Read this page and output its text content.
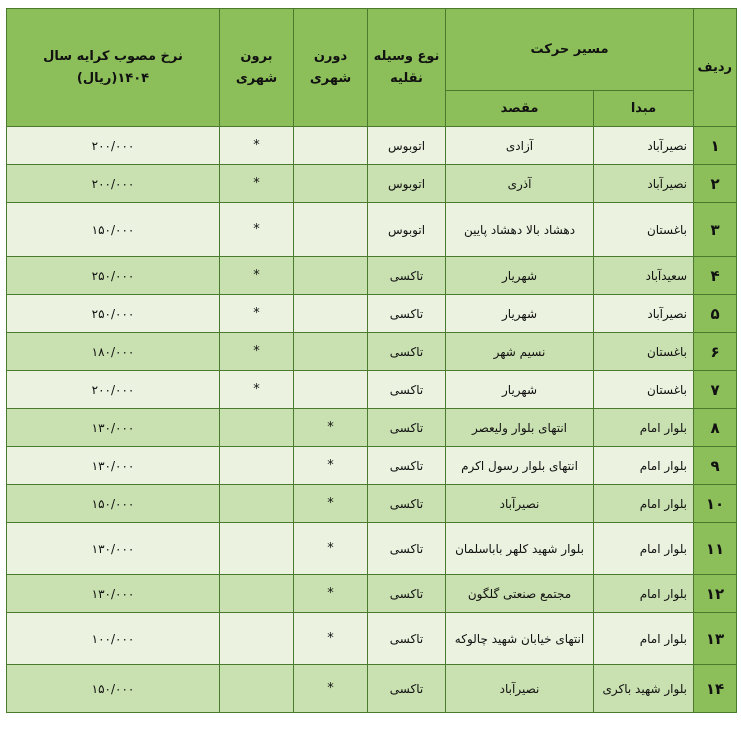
ردیف	مسیر حرکت		نوع وسیله نقلیه	دورن شهری	برون شهری	نرخ مصوب کرایه سال ۱۴۰۴(ریال)
	مبدا	مقصد				
۱	نصیرآباد	آزادی	اتوبوس		*	۲۰۰/۰۰۰
۲	نصیرآباد	آذری	اتوبوس		*	۲۰۰/۰۰۰
۳	باغستان	دهشاد بالا دهشاد پایین	اتوبوس		*	۱۵۰/۰۰۰
۴	سعیدآباد	شهریار	تاکسی		*	۲۵۰/۰۰۰
۵	نصیرآباد	شهریار	تاکسی		*	۲۵۰/۰۰۰
۶	باغستان	نسیم شهر	تاکسی		*	۱۸۰/۰۰۰
۷	باغستان	شهریار	تاکسی		*	۲۰۰/۰۰۰
۸	بلوار امام	انتهای بلوار ولیعصر	تاکسی	*		۱۳۰/۰۰۰
۹	بلوار امام	انتهای بلوار رسول اکرم	تاکسی	*		۱۳۰/۰۰۰
۱۰	بلوار امام	نصیرآباد	تاکسی	*		۱۵۰/۰۰۰
۱۱	بلوار امام	بلوار شهید کلهر باباسلمان	تاکسی	*		۱۳۰/۰۰۰
۱۲	بلوار امام	مجتمع صنعتی گلگون	تاکسی	*		۱۳۰/۰۰۰
۱۳	بلوار امام	انتهای خیابان شهید چالوکه	تاکسی	*		۱۰۰/۰۰۰
۱۴	بلوار شهید باکری	نصیرآباد	تاکسی	*		۱۵۰/۰۰۰
